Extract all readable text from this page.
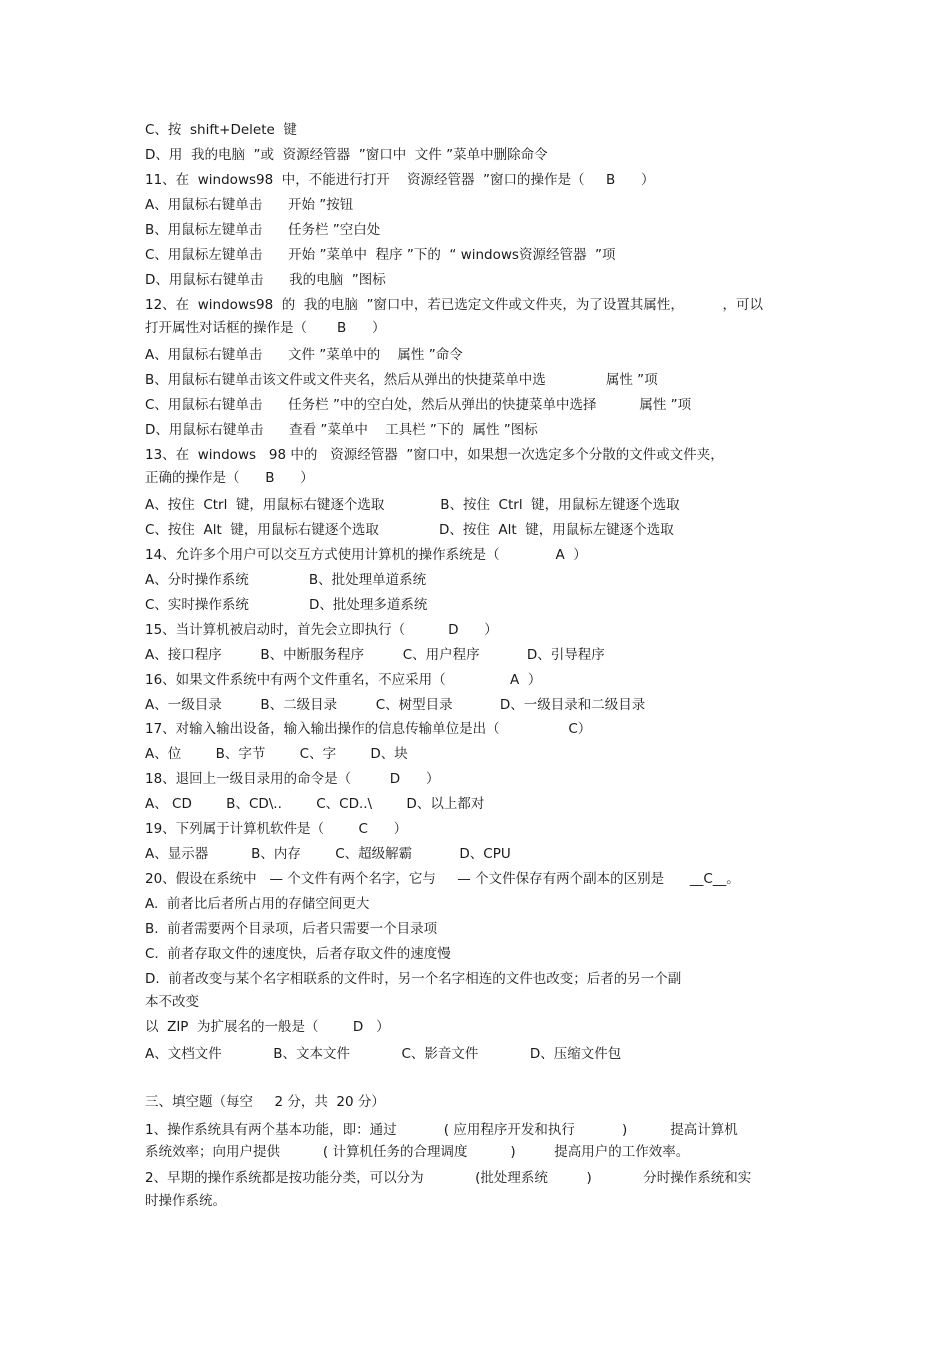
C、按  shift+Delete  键
D、用  我的电脑  ”或  资源经管器  ”窗口中  文件 ”菜单中删除命令
11、在  windows98  中，不能进行打开    资源经管器  ”窗口的操作是（     B      ）
A、用鼠标右键单击      开始 ”按钮
B、用鼠标左键单击      任务栏 ”空白处
C、用鼠标左键单击      开始 ”菜单中  程序 ”下的  “ windows资源经管器  ”项
D、用鼠标右键单击      我的电脑  ”图标
12、在  windows98  的  我的电脑  ”窗口中，若已选定文件或文件夹，为了设置其属性，         ，可以
打开属性对话框的操作是（       B      ）
A、用鼠标右键单击      文件 ”菜单中的    属性 ”命令
B、用鼠标右键单击该文件或文件夹名，然后从弹出的快捷菜单中选              属性 ”项
C、用鼠标右键单击      任务栏 ”中的空白处，然后从弹出的快捷菜单中选择          属性 ”项
D、用鼠标右键单击      查看 ”菜单中    工具栏 ”下的  属性 ”图标
13、在  windows   98 中的   资源经管器  ”窗口中，如果想一次选定多个分散的文件或文件夹，
正确的操作是（      B      ）
A、按住  Ctrl  键，用鼠标右键逐个选取             B、按住  Ctrl  键，用鼠标左键逐个选取
C、按住  Alt  键，用鼠标右键逐个选取              D、按住  Alt  键，用鼠标左键逐个选取
14、允许多个用户可以交互方式使用计算机的操作系统是（             A  ）
A、分时操作系统              B、批处理单道系统
C、实时操作系统              D、批处理多道系统
15、当计算机被启动时，首先会立即执行（          D      ）
A、接口程序         B、中断服务程序         C、用户程序           D、引导程序
16、如果文件系统中有两个文件重名，不应采用（               A  ）
A、一级目录         B、二级目录         C、树型目录           D、一级目录和二级目录
17、对输入输出设备，输入输出操作的信息传输单位是出（                C）
A、位        B、字节        C、字        D、块
18、退回上一级目录用的命令是（         D      ）
A、 CD        B、CD\..        C、CD..\        D、以上都对
19、下列属于计算机软件是（        C      ）
A、显示器          B、内存        C、超级解霸           D、CPU
20、假设在系统中   — 个文件有两个名字，它与     — 个文件保存有两个副本的区别是      __C__。
A.  前者比后者所占用的存储空间更大
B.  前者需要两个目录项，后者只需要一个目录项
C.  前者存取文件的速度快，后者存取文件的速度慢
D.  前者改变与某个名字相联系的文件时，另一个名字相连的文件也改变；后者的另一个副
本不改变
以  ZIP  为扩展名的一般是（        D   ）
A、文档文件            B、文本文件            C、影音文件            D、压缩文件包
三、填空题（每空     2 分，共  20 分）
1、操作系统具有两个基本功能，即：通过           ( 应用程序开发和执行           )          提高计算机
系统效率；向用户提供          ( 计算机任务的合理调度          )         提高用户的工作效率。
2、早期的操作系统都是按功能分类，可以分为            (批处理系统         )            分时操作系统和实
时操作系统。
